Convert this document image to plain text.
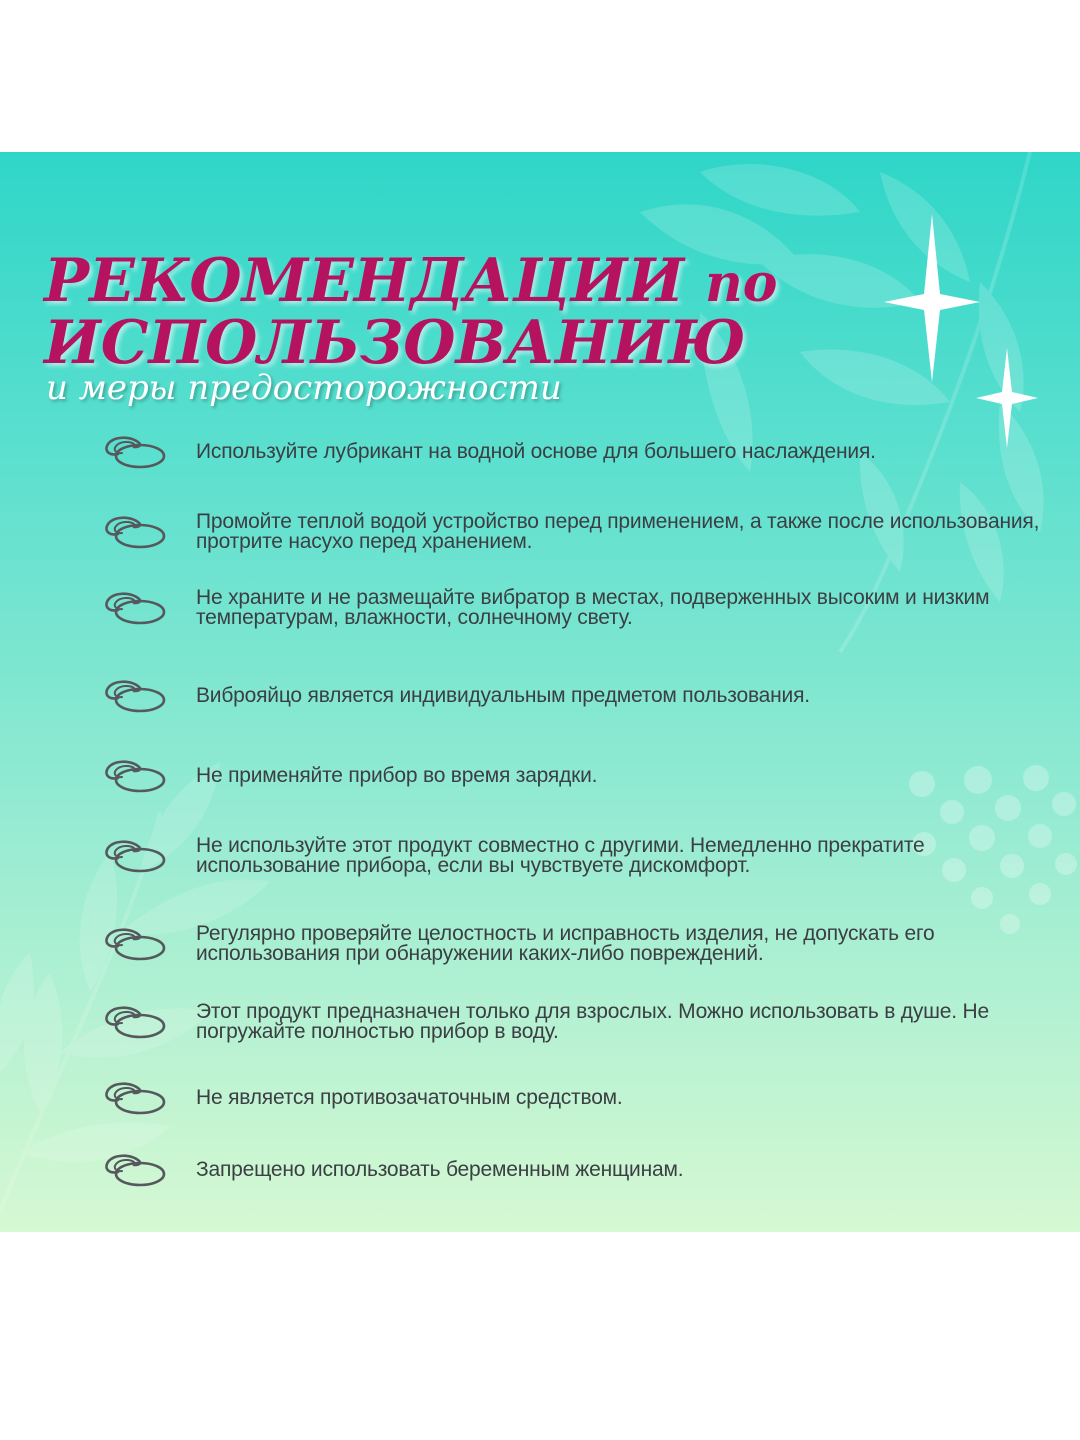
РЕКОМЕНДАЦИИ по
ИСПОЛЬЗОВАНИЮ

и меры предосторожности

Используйте лубрикант на водной основе для большего наслаждения.
Промойте теплой водой устройство перед применением, а также после использования, протрите насухо перед хранением.
Не храните и не размещайте вибратор в местах, подверженных высоким и низким температурам, влажности, солнечному свету.
Виброяйцо является индивидуальным предметом пользования.
Не применяйте прибор во время зарядки.
Не используйте этот продукт совместно с другими. Немедленно прекратите использование прибора, если вы чувствуете дискомфорт.
Регулярно проверяйте целостность и исправность изделия, не допускать его использования при обнаружении каких-либо повреждений.
Этот продукт предназначен только для взрослых. Можно использовать в душе. Не погружайте полностью прибор в воду.
Не является противозачаточным средством.
Запрещено использовать беременным женщинам.
